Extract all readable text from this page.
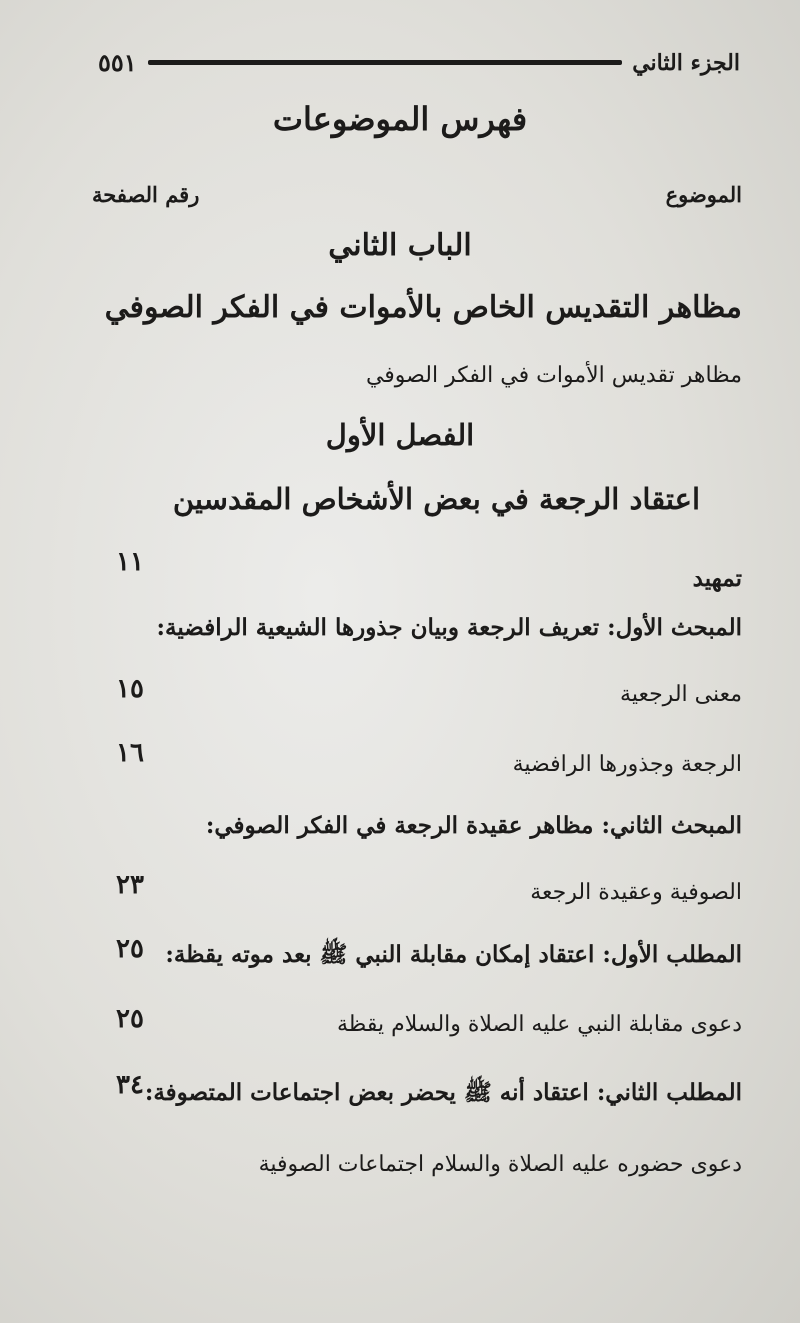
٥٥١	الجزء الثاني
فهرس الموضوعات
الموضوع
رقم الصفحة
الباب الثاني
مظاهر التقديس الخاص بالأموات في الفكر الصوفي
مظاهر تقديس الأموات في الفكر الصوفي
الفصل الأول
اعتقاد الرجعة في بعض الأشخاص المقدسين
تمهيد
١١
المبحث الأول: تعريف الرجعة وبيان جذورها الشيعية الرافضية:
معنى الرجعية
١٥
الرجعة وجذورها الرافضية
١٦
المبحث الثاني: مظاهر عقيدة الرجعة في الفكر الصوفي:
الصوفية وعقيدة الرجعة
٢٣
المطلب الأول: اعتقاد إمكان مقابلة النبي ﷺ بعد موته يقظة:
٢٥
دعوى مقابلة النبي عليه الصلاة والسلام يقظة
٢٥
المطلب الثاني: اعتقاد أنه ﷺ يحضر بعض اجتماعات المتصوفة:
٣٤
دعوى حضوره عليه الصلاة والسلام اجتماعات الصوفية
